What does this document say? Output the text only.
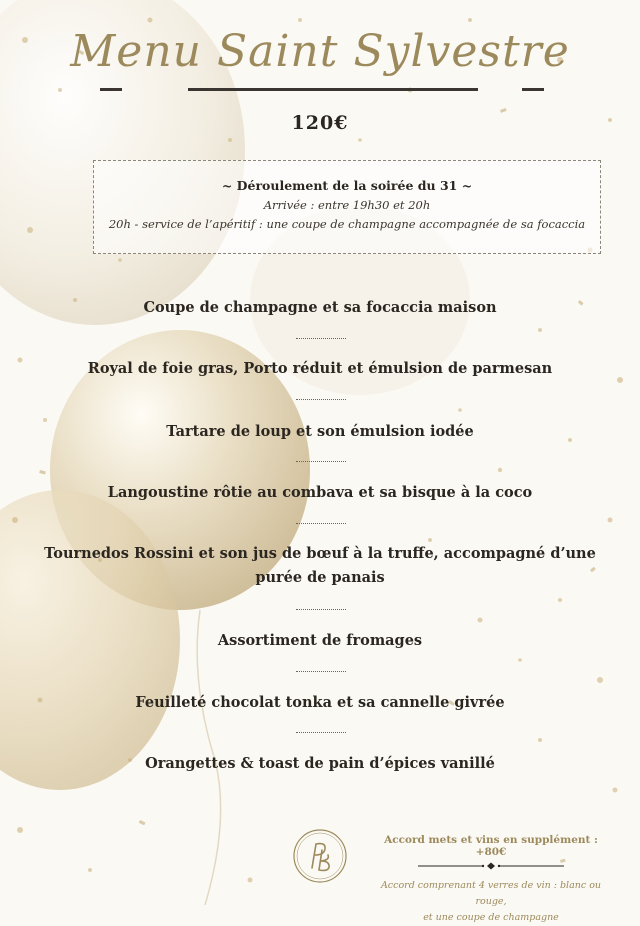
Menu Saint Sylvestre
120€
~ Déroulement de la soirée du 31 ~
Arrivée : entre 19h30 et 20h
20h - service de l’apéritif : une coupe de champagne accompagnée de sa focaccia
Coupe de champagne et sa focaccia maison
Royal de foie gras, Porto réduit et émulsion de parmesan
Tartare de loup et son émulsion iodée
Langoustine rôtie au combava et sa bisque à la coco
Tournedos Rossini et son jus de bœuf à la truffe, accompagné d’une purée de panais
Assortiment de fromages
Feuilleté chocolat tonka et sa cannelle givrée
Orangettes & toast de pain d’épices vanillé
Accord mets et vins en supplément : +80€
Accord comprenant 4 verres de vin : blanc ou rouge,
et une coupe de champagne
